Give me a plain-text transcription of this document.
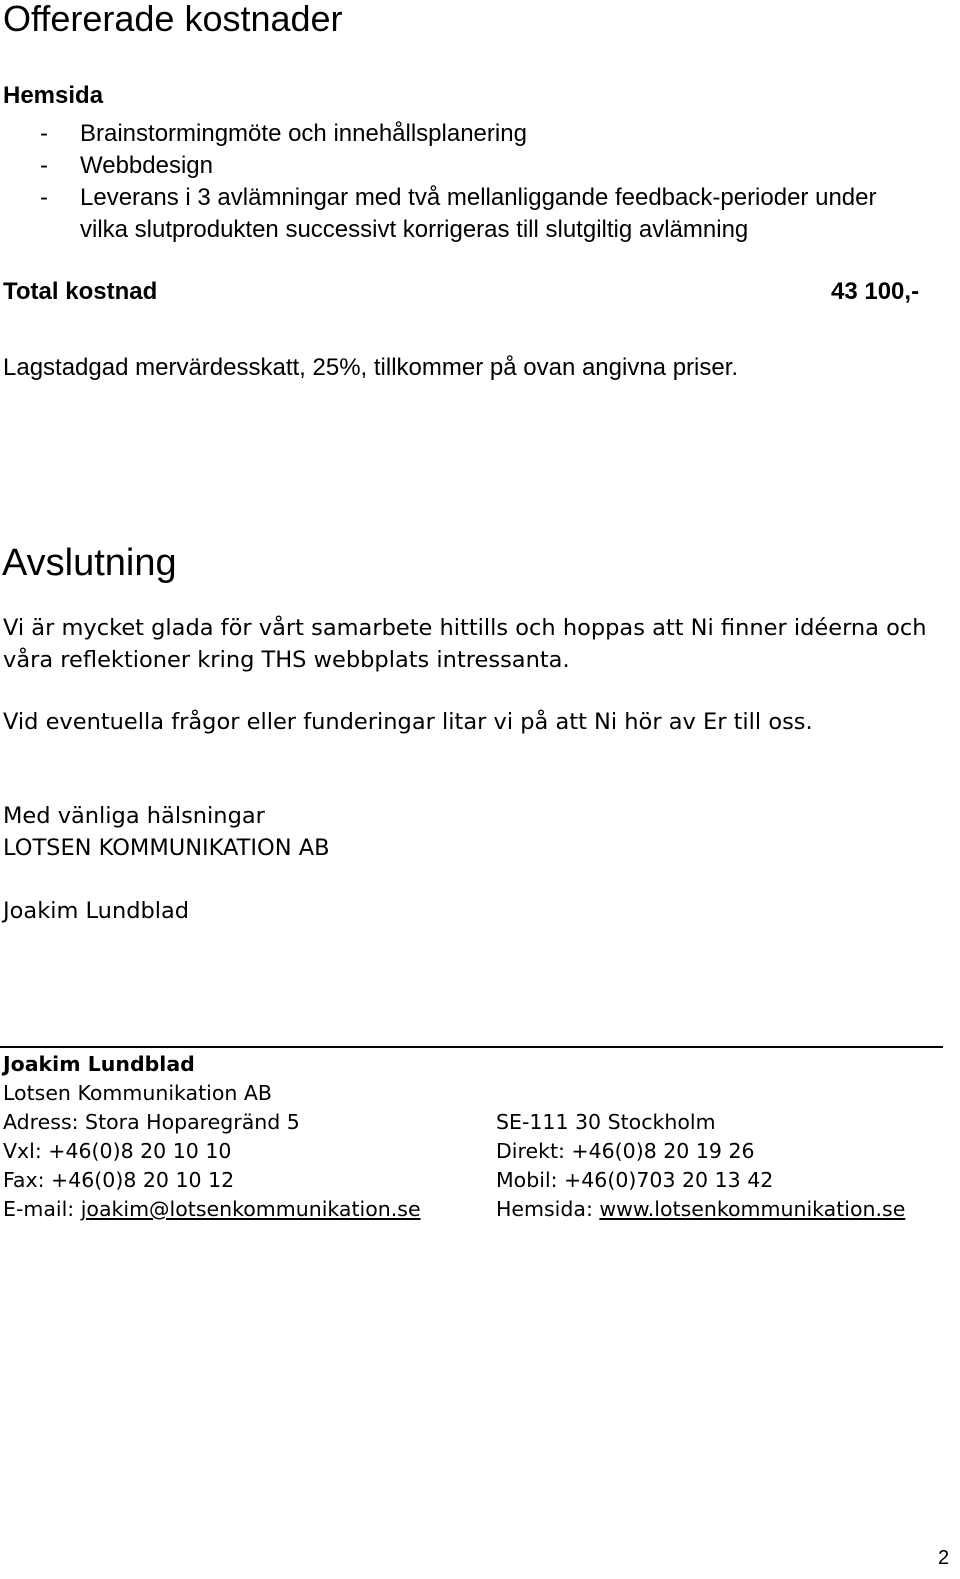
Offererade kostnader
Hemsida
- Brainstormingmöte och innehållsplanering
- Webbdesign
- Leverans i 3 avlämningar med två mellanliggande feedback-perioder under
vilka slutprodukten successivt korrigeras till slutgiltig avlämning
Total kostnad	43 100,-
Lagstadgad mervärdesskatt, 25%, tillkommer på ovan angivna priser.
Avslutning
Vi är mycket glada för vårt samarbete hittills och hoppas att Ni finner idéerna och våra reflektioner kring THS webbplats intressanta.
Vid eventuella frågor eller funderingar litar vi på att Ni hör av Er till oss.
Med vänliga hälsningar
LOTSEN KOMMUNIKATION AB
Joakim Lundblad
Joakim Lundblad
Lotsen Kommunikation AB
Adress: Stora Hoparegränd 5	SE-111 30 Stockholm
Vxl: +46(0)8 20 10 10	Direkt: +46(0)8 20 19 26
Fax: +46(0)8 20 10 12	Mobil: +46(0)703 20 13 42
E-mail: joakim@lotsenkommunikation.se	Hemsida: www.lotsenkommunikation.se
2
